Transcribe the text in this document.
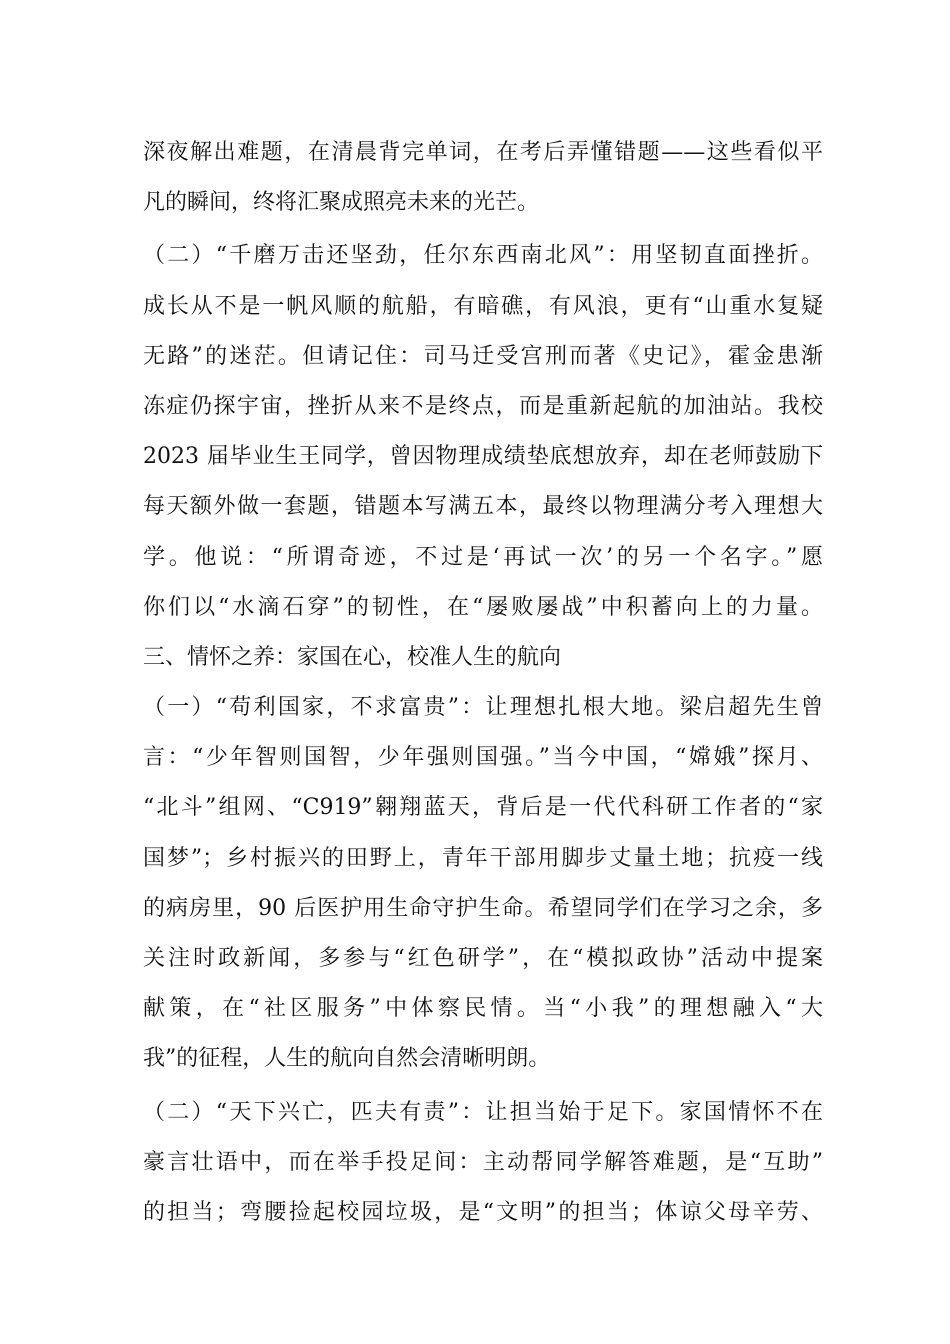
深夜解出难题，在清晨背完单词，在考后弄懂错题——这些看似平
凡的瞬间，终将汇聚成照亮未来的光芒。
（二）“千磨万击还坚劲，任尔东西南北风”：用坚韧直面挫折。
成长从不是一帆风顺的航船，有暗礁，有风浪，更有“山重水复疑
无路”的迷茫。但请记住：司马迁受宫刑而著《史记》，霍金患渐
冻症仍探宇宙，挫折从来不是终点，而是重新起航的加油站。我校
2023 届毕业生王同学，曾因物理成绩垫底想放弃，却在老师鼓励下
每天额外做一套题，错题本写满五本，最终以物理满分考入理想大
学。他说：“所谓奇迹，不过是‘再试一次’的另一个名字。”愿
你们以“水滴石穿”的韧性，在“屡败屡战”中积蓄向上的力量。
三、情怀之养：家国在心，校准人生的航向
（一）“苟利国家，不求富贵”：让理想扎根大地。梁启超先生曾
言：“少年智则国智，少年强则国强。”当今中国，“嫦娥”探月、
“北斗”组网、“C919”翱翔蓝天，背后是一代代科研工作者的“家
国梦”；乡村振兴的田野上，青年干部用脚步丈量土地；抗疫一线
的病房里，90 后医护用生命守护生命。希望同学们在学习之余，多
关注时政新闻，多参与“红色研学”，在“模拟政协”活动中提案
献策，在“社区服务”中体察民情。当“小我”的理想融入“大
我”的征程，人生的航向自然会清晰明朗。
（二）“天下兴亡，匹夫有责”：让担当始于足下。家国情怀不在
豪言壮语中，而在举手投足间：主动帮同学解答难题，是“互助”
的担当；弯腰捡起校园垃圾，是“文明”的担当；体谅父母辛劳、
